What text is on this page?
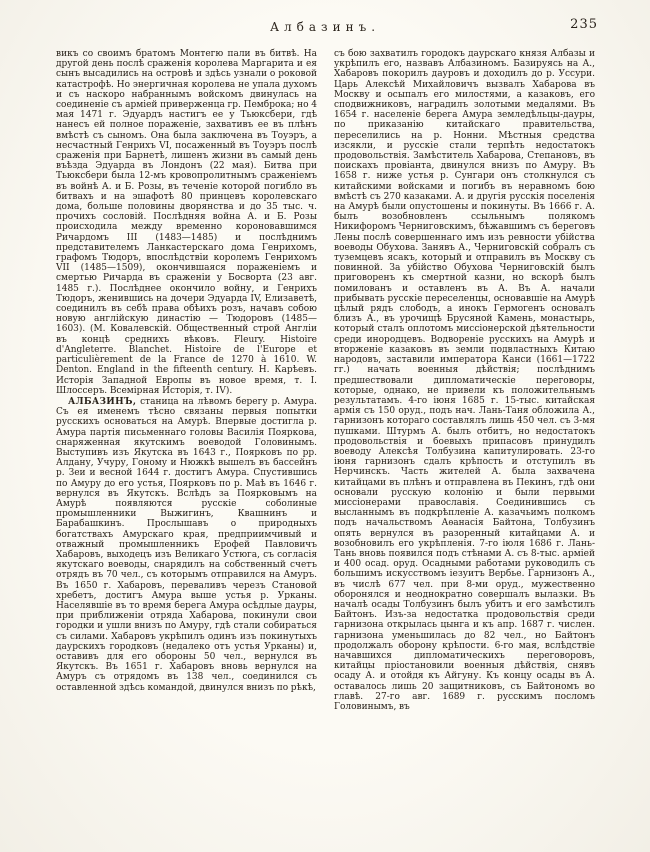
Албазинъ.	235

викъ со своимъ братомъ Монтегю пали въ битвѣ. На другой день послѣ сраженія королева Маргарита и ея сынъ высадились на островѣ и здѣсь узнали о роковой катастрофѣ. Но энергичная королева не упала духомъ и съ наскоро набраннымъ войскомъ двинулась на соединеніе съ арміей приверженца гр. Пемброка; но 4 мая 1471 г. Эдуардъ настигъ ее у Тьюксбери, гдѣ нанесъ ей полное пораженіе, захвативъ ее въ плѣнъ вмѣстѣ съ сыномъ. Она была заключена въ Тоуэръ, а несчастный Генрихъ VI, посаженный въ Тоуэръ послѣ сраженія при Барнетѣ, лишенъ жизни въ самый день въѣзда Эдуарда въ Лондонъ (22 мая). Битва при Тьюксбери была 12-мъ кровопролитнымъ сраженіемъ въ войнѣ А. и Б. Розы, въ теченіе которой погибло въ битвахъ и на эшафотѣ 80 принцевъ королевскаго дома, больше половины дворянства и до 35 тыс. ч. прочихъ сословій. Послѣдняя война А. и Б. Розы происходила между временно короновавшимся Ричардомъ III (1483—1485) и послѣднимъ представителемъ Ланкастерскаго дома Генрихомъ, графомъ Тюдоръ, впослѣдствіи королемъ Генрихомъ VII (1485—1509), окончившаяся пораженіемъ и смертью Ричарда въ сраженіи у Босворта (23 авг. 1485 г.). Послѣднее окончило войну, и Генрихъ Тюдоръ, женившись на дочери Эдуарда IV, Елизаветѣ, соединилъ въ себѣ права обѣихъ розъ, начавъ собою новую англійскую династію — Тюдоровъ (1485—1603). (М. Ковалевскій. Общественный строй Англіи въ концѣ среднихъ вѣковъ. Fleury. Histoire d'Angleterre. Blanchet. Histoire de l'Europe et particulièrement de la France de 1270 à 1610. W. Denton. England in the fifteenth century. Н. Карѣевъ. Исторія Западной Европы въ новое время, т. I. Шлоссеръ. Всемірная Исторія, т. IV).

АЛБАЗИНЪ, станица на лѣвомъ берегу р. Амура. Съ ея именемъ тѣсно связаны первыя попытки русскихъ основаться на Амурѣ. Впервые достигла р. Амура партія письменнаго головы Василія Пояркова, снаряженная якутскимъ воеводой Головинымъ. Выступивъ изъ Якутска въ 1643 г., Поярковъ по рр. Алдану, Учуру, Гоному и Нюжкѣ вышелъ въ бассейнъ р. Зеи и весной 1644 г. достигъ Амура. Спустившись по Амуру до его устья, Поярковъ по р. Маѣ въ 1646 г. вернулся въ Якутскъ. Вслѣдъ за Поярковымъ на Амурѣ появляются русскіе соболиные промышленники Выжигинъ, Квашнинъ и Барабашкинъ. Прослышавъ о природныхъ богатствахъ Амурскаго края, предприимчивый и отважный промышленникъ Ерофей Павловичъ Хабаровъ, выходецъ изъ Великаго Устюга, съ согласія якутскаго воеводы, снарядилъ на собственный счетъ отрядъ въ 70 чел., съ которымъ отправился на Амуръ. Въ 1650 г. Хабаровъ, переваливъ черезъ Становой хребетъ, достигъ Амура выше устья р. Урканы. Населявшіе въ то время берега Амура осѣдлые дауры, при приближеніи отряда Хабарова, покинули свои городки и ушли внизъ по Амуру, гдѣ стали собираться съ силами. Хабаровъ укрѣпилъ одинъ изъ покинутыхъ даурскихъ городковъ (недалеко отъ устья Урканы) и, оставивъ для его обороны 50 чел., вернулся въ Якутскъ. Въ 1651 г. Хабаровъ вновь вернулся на Амуръ съ отрядомъ въ 138 чел., соединился съ оставленной здѣсь командой, двинулся внизъ по рѣкѣ,

съ бою захватилъ городокъ даурскаго князя Албазы и укрѣпилъ его, назвавъ Албазиномъ. Базируясь на А., Хабаровъ покорилъ дауровъ и доходилъ до р. Уссури. Царь Алексѣй Михайловичъ вызвалъ Хабарова въ Москву и осыпалъ его милостями, а казаковъ, его сподвижниковъ, наградилъ золотыми медалями. Въ 1654 г. населеніе берега Амура земледѣльцы-дауры, по приказанію китайскаго правительства, переселились на р. Нонни. Мѣстныя средства изсякли, и русскіе стали терпѣть недостатокъ продовольствія. Замѣститель Хабарова, Степановъ, въ поискахъ провіанта, двинулся внизъ по Амуру. Въ 1658 г. ниже устья р. Сунгари онъ столкнулся съ китайскими войсками и погибъ въ неравномъ бою вмѣстѣ съ 270 казаками. А. и другія русскія поселенія на Амурѣ были опустошены и покинуты. Въ 1666 г. А. былъ возобновленъ ссыльнымъ полякомъ Никифоромъ Черниговскимъ, бѣжавшимъ съ береговъ Лены послѣ совершеннаго имъ изъ ревности убійства воеводы Обухова. Занявъ А., Черниговскій собралъ съ туземцевъ ясакъ, который и отправилъ въ Москву съ повинной. За убійство Обухова Черниговскій былъ приговоренъ къ смертной казни, но вскорѣ былъ помилованъ и оставленъ въ А. Въ А. начали прибывать русскіе переселенцы, основавшіе на Амурѣ цѣлый рядъ слободъ, а инокъ Гермогенъ основалъ близъ А., въ урочищѣ Брусяной Камень, монастырь, который сталъ оплотомъ миссіонерской дѣятельности среди инородцевъ. Водвореніе русскихъ на Амурѣ и вторженіе казаковъ въ земли подвластныхъ Китаю народовъ, заставили императора Канси (1661—1722 гг.) начать военныя дѣйствія; послѣднимъ предшествовали дипломатическіе переговоры, которые, однако, не привели къ положительнымъ результатамъ. 4-го іюня 1685 г. 15-тыс. китайская армія съ 150 оруд., подъ нач. Лань-Таня обложила А., гарнизонъ котораго составлялъ лишь 450 чел. съ 3-мя пушками. Штурмъ А. былъ отбитъ, но недостатокъ продовольствія и боевыхъ припасовъ принудилъ воеводу Алексѣя Толбузина капитулировать. 23-го іюня гарнизонъ сдалъ крѣпость и отступилъ въ Нерчинскъ. Часть жителей А. была захвачена китайцами въ плѣнъ и отправлена въ Пекинъ, гдѣ они основали русскую колонію и были первыми миссіонерами православія. Соединившись съ высланнымъ въ подкрѣпленіе А. казачьимъ полкомъ подъ начальствомъ Аѳанасія Байтона, Толбузинъ опять вернулся въ разоренный китайцами А. и возобновилъ его укрѣпленія. 7-го іюля 1686 г. Лань-Тань вновь появился подъ стѣнами А. съ 8-тыс. арміей и 400 осад. оруд. Осадными работами руководилъ съ большимъ искусствомъ іезуитъ Вербье. Гарнизонъ А., въ числѣ 677 чел. при 8-ми оруд., мужественно оборонялся и неоднократно совершалъ вылазки. Въ началѣ осады Толбузинъ былъ убитъ и его замѣстилъ Байтонъ. Изъ-за недостатка продовольствія среди гарнизона открылась цынга и къ апр. 1687 г. числен. гарнизона уменьшилась до 82 чел., но Байтонъ продолжалъ оборону крѣпости. 6-го мая, вслѣдствіе начавшихся дипломатическихъ переговоровъ, китайцы пріостановили военныя дѣйствія, снявъ осаду А. и отойдя къ Айгуну. Къ концу осады въ А. оставалось лишь 20 защитниковъ, съ Байтономъ во главѣ. 27-го авг. 1689 г. русскимъ посломъ Головинымъ, въ
